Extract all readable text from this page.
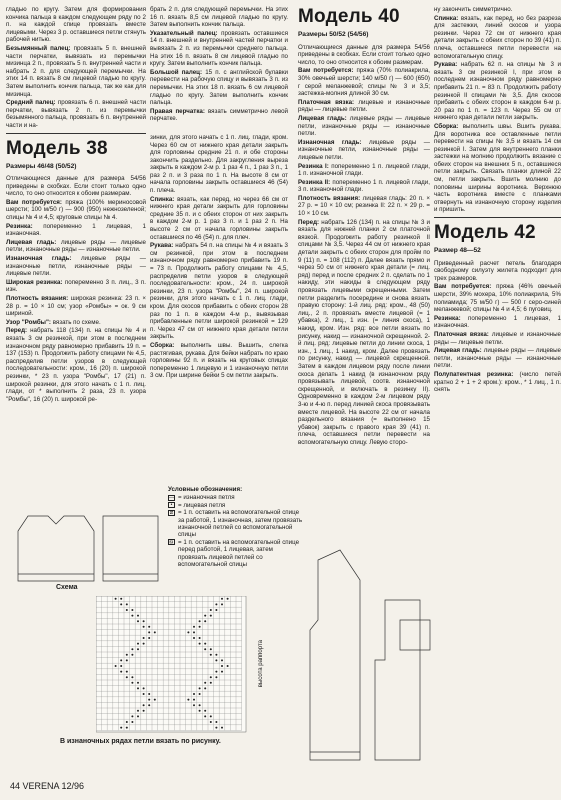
гладью по кругу. Затем для формирования кончика пальца в каждом следующем ряду по 2 п. на каждой спице провязать вместе лицевыми. Через 3 р. оставшиеся петли стянуть рабочей нитью.

Безымянный палец: провязать 5 п. внешней части перчатки, вывязать из перемычки мизинца 2 п., провязать 5 п. внутренней части и набрать 2 п. для следующей перемычки. На этих 14 п. вязать 8 см лицевой гладью по кругу. Затем выполнить кончик пальца, так же как для мизинца.

Средний палец: провязать 6 п. внешней части перчатки, вывязать 2 п. из перемычки безымянного пальца, провязать 6 п. внутренней части и на-

Модель 38
Размеры 46/48 (50/52)

Отличающиеся данные для размера 54/56 приведены в скобках. Если стоит только одно число, то оно относится к обоим размерам.

Вам потребуется: пряжа (100% мериносовой шерсти; 100 м/50 г) — 900 (950) нежнозеленой; спицы № 4 и 4,5; круговые спицы № 4.

Резинка: попеременно 1 лицевая, 1 изнаночная.

Лицевая гладь: лицевые ряды — лицевые петли, изнаночные ряды — изнаночные петли.

Изнаночная гладь: лицевые ряды — изнаночные петли, изнаночные ряды — лицевые петли.

Широкая резинка: попеременно 3 п. лиц., 3 п. изн.

Плотность вязания: широкая резинка: 23 п. × 28 р. = 10 × 10 см; узор «Ромбы» = ок. 9 см шириной.

Узор "Ромбы": вязать по схеме.

Перед: набрать 118 (134) п. на спицы № 4 и вязать 3 см резинкой, при этом в последнем изнаночном ряду равномерно прибавить 19 п. = 137 (153) п. Продолжить работу спицами № 4,5, распределив петли узоров в следующей последовательности: кром., 16 (20) п. широкой резинки, * 23 п. узора "Ромбы", 17 (21) п. широкой резинки, для этого начать с 1 п. лиц. глади, от * выполнить 2 раза, 23 п. узора "Ромбы", 16 (20) п. широкой ре-

брать 2 п. для следующей перемычки. На этих 16 п. вязать 8,5 см лицевой гладью по кругу. Затем выполнить кончик пальца.

Указательный палец: провязать оставшиеся 14 п. внешней и внутренней частей перчатки и вывязать 2 п. из перемычки среднего пальца. На этих 16 п. вязать 8 см лицевой гладью по кругу. Затем выполнить кончик пальца.

Большой палец: 15 п. с английской булавки перевести на рабочую спицу и вывязать 3 п. из перемычки. На этих 18 п. вязать 6 см лицевой гладью по кругу. Затем выполнить кончик пальца.

Правая перчатка: вязать симметрично левой перчатке.

зинки, для этого начать с 1 п. лиц. глади, кром. Через 60 см от нижнего края детали закрыть для горловины средние 21 п. и обе стороны закончить раздельно. Для закругления выреза закрыть в каждом 2-м р. 1 раз 4 п., 1 раз 3 п., 1 раз 2 п. и 3 раза по 1 п. На высоте 8 см от начала горловины закрыть оставшиеся 46 (54) п. плеча.

Спинка: вязать, как перед, но через 66 см от нижнего края детали закрыть для горловины средние 35 п. и с обеих сторон от них закрыть в каждом 2-м р. 1 раз 3 п. и 1 раз 2 п. На высоте 2 см от начала горловины закрыть оставшиеся по 46 (54) п. для плеч.

Рукава: набрать 54 п. на спицы № 4 и вязать 3 см резинкой, при этом в последнем изнаночном ряду равномерно прибавить 19 п. = 73 п. Продолжить работу спицами № 4,5, распределив петли узоров в следующей последовательности: кром., 24 п. широкой резинки, 23 п. узора "Ромбы", 24 п. широкой резинки, для этого начать с 1 п. лиц. глади, кром. Для скосов прибавить с обеих сторон 28 раз по 1 п. в каждом 4-м р., вывязывая прибавленные петли широкой резинкой = 129 п. Через 47 см от нижнего края детали петли закрыть.

Сборка: выполнить швы. Вышить, слегка растягивая, рукава. Для бейки набрать по краю горловины 92 п. и вязать на круговых спицах попеременно 1 лицевую и 1 изнаночную петли 3 см. При ширине бейки 5 см петли закрыть.

Условные обозначения:
— = изнаночная петля
• = лицевая петля
⧄ = 1 п. оставить на вспомогательной спице за работой, 1 изнаночная, затем провязать изнаночной петлей со вспомогательной спицы
⧅ = 1 п. оставить на вспомогательной спице перед работой, 1 лицевая, затем провязать лицевой петлей со вспомогательной спицы
Схема
высота раппорта
В изнаночных рядах петли вязать по рисунку.
Модель 40
Размеры 50/52 (54/56)

Отличающиеся данные для размера 54/56 приведены в скобках. Если стоит только одно число, то оно относится к обоим размерам.

Вам потребуется: пряжа (70% полиакрила, 30% овечьей шерсти; 140 м/50 г) — 600 (650) г серой меланжевой; спицы № 3 и 3,5; застежка-молния длиной 30 см.

Платочная вязка: лицевые и изнаночные ряды — лицевые петли.

Лицевая гладь: лицевые ряды — лицевые петли, изнаночные ряды — изнаночные петли.

Изнаночная гладь: лицевые ряды — изнаночные петли, изнаночные ряды — лицевые петли.

Резинка I: попеременно 1 п. лицевой глади, 1 п. изнаночной глади.

Резинка II: попеременно 1 п. лицевой глади, 3 п. изнаночной глади.

Плотность вязания: лицевая гладь: 20 п. × 27 р. = 10 × 10 см; резинка II: 22 п. × 29 р. = 10 × 10 см.

Перед: набрать 126 (134) п. на спицы № 3 и вязать для нижней планки 2 см платочной вязкой. Продолжить работу резинкой II спицами № 3,5. Через 44 см от нижнего края детали закрыть с обеих сторон для пройм по 9 (11) п. = 108 (112) п. Далее вязать прямо и через 50 см от нижнего края детали (= лиц. ряд) перед и после средних 2 п. сделать по 1 накиду, эти накиды в следующем ряду провязать лицевыми скрещенными. Затем петли разделить посередине и снова вязать правую сторону: 1-й лиц. ряд: кром., 48 (50) лиц., 2 п. провязать вместе лицевой (= 1 убавка), 2 лиц., 1 изн. (= линия скоса), 1 накид, кром. Изн. ряд: все петли вязать по рисунку, накид — изнаночной скрещенной. 2-й лиц. ряд: лицевые петли до линии скоса, 1 изн., 1 лиц., 1 накид, кром. Далее провязать по рисунку, накид — лицевой скрещенной. Затем в каждом лицевом ряду после линии скоса делать 1 накид (в изнаночном ряду провязывать лицевой, соотв. изнаночной скрещенной, и включать в резинку II). Одновременно в каждом 2-м лицевом ряду 3-ю и 4-ю п. перед линией скоса провязывать вместе лицевой. На высоте 22 см от начала раздельного вязания (= выполнено 15 убавок) закрыть с правого края 39 (41) п. плеча, оставшиеся петли перевести на вспомогательную спицу. Левую сторо-

ну закончить симметрично.

Спинка: вязать, как перед, но без разреза для застежки, линий скосов и узора резинки. Через 72 см от нижнего края детали закрыть с обеих сторон по 39 (41) п. плеча, оставшиеся петли перевести на вспомогательную спицу.

Рукава: набрать 62 п. на спицы № 3 и вязать 3 см резинкой I, при этом в последнем изнаночном ряду равномерно прибавить 21 п. = 83 п. Продолжить работу резинкой II спицами № 3,5. Для скосов прибавить с обеих сторон в каждом 6-м р. 20 раз по 1 п. = 123 п. Через 55 см от нижнего края детали петли закрыть.

Сборка: выполнить швы. Вшить рукава. Для воротника все оставленные петли перевести на спицы № 3,5 и вязать 14 см резинкой I. Затем для внутреннего планки застежки на молнию продолжить вязание с обеих сторон на внешних 5 п., оставшиеся петли закрыть. Связать планки длиной 22 см, петли закрыть. Вшить молнию до половины ширины воротника. Верхнюю часть воротника вместе с планками отвернуть на изнаночную сторону изделия и пришить.

Модель 42
Размер 48—52

Приведенный расчет петель благодаря свободному силуэту жилета подходит для трех размеров.

Вам потребуется: пряжа (46% овечьей шерсти, 39% мохера, 10% полиакрила, 5% полиамида; 75 м/50 г) — 500 г серо-синей меланжевой; спицы № 4 и 4,5; 6 пуговиц.

Резинка: попеременно 1 лицевая, 1 изнаночная.

Платочная вязка: лицевые и изнаночные ряды — лицевые петли.

Лицевая гладь: лицевые ряды — лицевые петли, изнаночные ряды — изнаночные петли.

Полупатентная резинка: (число петей кратно 2 + 1 + 2 кром.): кром., * 1 лиц., 1 п. снять

44 VERENA 12/96
